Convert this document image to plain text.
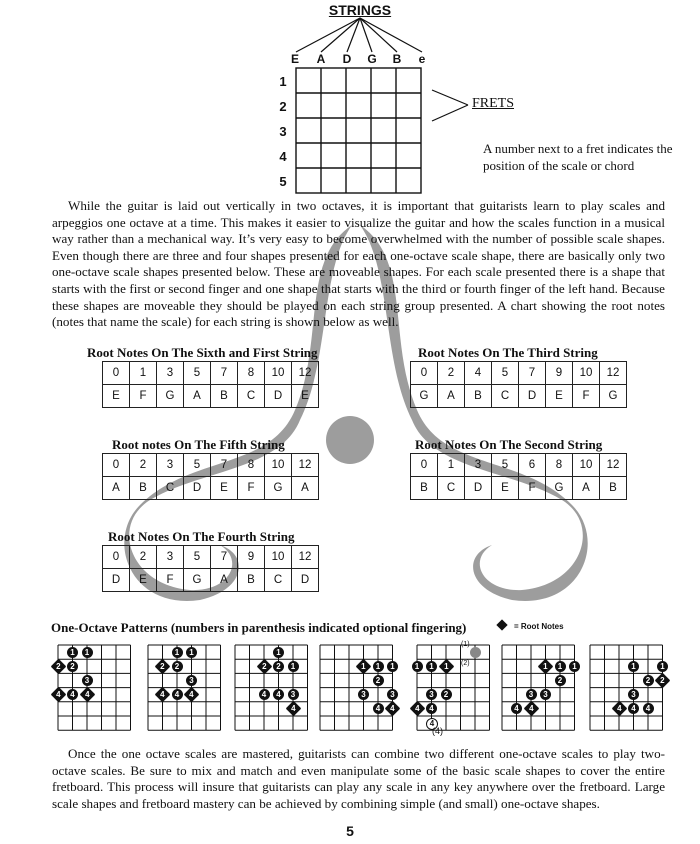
STRINGS
E	A	D	G	B	e
1
2
3
4
5
FRETS
A number next to a fret indicates the position of the scale or chord
While the guitar is laid out vertically in two octaves, it is important that guitarists learn to play scales and arpeggios one octave at a time. This makes it easier to visualize the guitar and how the scales function in a musical way rather than a mechanical way. It’s very easy to become overwhelmed with the number of possible scale shapes. Even though there are three and four shapes presented for each one-octave scale shape, there are basically only two one-octave scale shapes presented below. These are moveable shapes. For each scale presented there is a shape that starts with the first or second finger and one shape that starts with the third or fourth finger of the left hand. Because these shapes are moveable they should be played on each string group presented. A chart showing the root notes (notes that name the scale) for each string is shown below as well.
Root Notes On The Sixth and First String
0	1	3	5	7	8	10	12
E	F	G	A	B	C	D	E
Root Notes On The Third String
0	2	4	5	7	9	10	12
G	A	B	C	D	E	F	G
Root notes On The Fifth String
0	2	3	5	7	8	10	12
A	B	C	D	E	F	G	A
Root Notes On The Second String
0	1	3	5	6	8	10	12
B	C	D	E	F	G	A	B
Root Notes On The Fourth String
0	2	3	5	7	9	10	12
D	E	F	G	A	B	C	D
One-Octave Patterns (numbers in parenthesis indicated optional fingering)	= Root Notes
1	1
2	2
3
4	4	4
1	1
2	2
3
4	4	4
1
2	2	1
4	4	3
4
1	1	1
2
3	3
4	4
1	1	1
3	2
4	4
4
1	1	1
2
3	3
4	4
1	1
2	2
3
4	4	4
(1)
(2)
(4)
Once the one octave scales are mastered, guitarists can combine two different one-octave scales to play two-octave scales. Be sure to mix and match and even manipulate some of the basic scale shapes to cover the entire fretboard. This process will insure that guitarists can play any scale in any key anywhere over the fretboard. Large scale shapes and fretboard mastery can be achieved by combining simple (and small) one-octave shapes.
5
